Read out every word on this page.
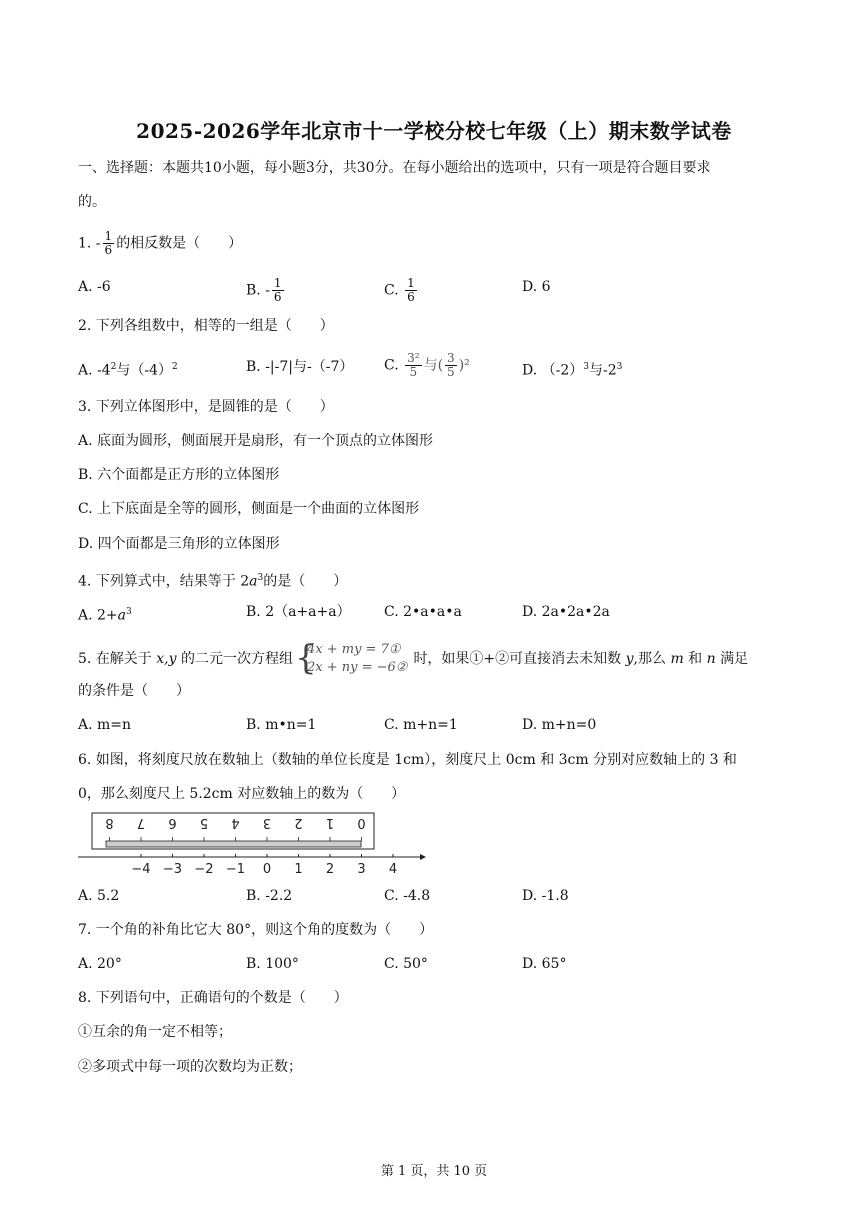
2025-2026学年北京市十一学校分校七年级（上）期末数学试卷
一、选择题：本题共10小题，每小题3分，共30分。在每小题给出的选项中，只有一项是符合题目要求
的。
1. - $\frac{1}{6}$ 的相反数是（　　）
A. -6	B. - $\frac{1}{6}$	C. $\frac{1}{6}$	D. 6
2. 下列各组数中，相等的一组是（　　）
A. $-4^2$与$(-4)^2$	B. -|-7|与-（-7） C. $\frac{\text{3²}}{5}$ 与( $\frac{3}{5} )^2$	D. $(-2)^3$与$-2^3$
3. 下列立体图形中，是圆锥的是（　　）
A. 底面为圆形，侧面展开是扇形，有一个顶点的立体图形
B. 六个面都是正方形的立体图形
C. 上下底面是全等的圆形，侧面是一个曲面的立体图形
D. 四个面都是三角形的立体图形
4. 下列算式中，结果等于 $2a^3$的是（　　）
A. $2+a^3$	B. 2（a+a+a） C. 2•a•a•a	D. 2a•2a•2a
5. 在解关于 x,y 的二元一次方程组 {
4x + my = 7①
2x + ny = −6②
时，如果①+②可直接消去未知数 y,那么 m 和 n 满足
的条件是（　　）
A. m=n	B. m•n=1	C. m+n=1	D. m+n=0
6. 如图，将刻度尺放在数轴上（数轴的单位长度是 1cm），刻度尺上 0cm 和 3cm 分别对应数轴上的 3 和
0，那么刻度尺上 5.2cm 对应数轴上的数为（　　）
8 7 6 5 4 3 2 1 0
−4 −3 −2 −1 0 1 2 3 4
A. 5.2	B. -2.2	C. -4.8	D. -1.8
7. 一个角的补角比它大 80°，则这个角的度数为（　　）
A. 20°	B. 100°	C. 50°	D. 65°
8. 下列语句中，正确语句的个数是（　　）
①互余的角一定不相等；
②多项式中每一项的次数均为正数；
第 1 页，共 10 页
